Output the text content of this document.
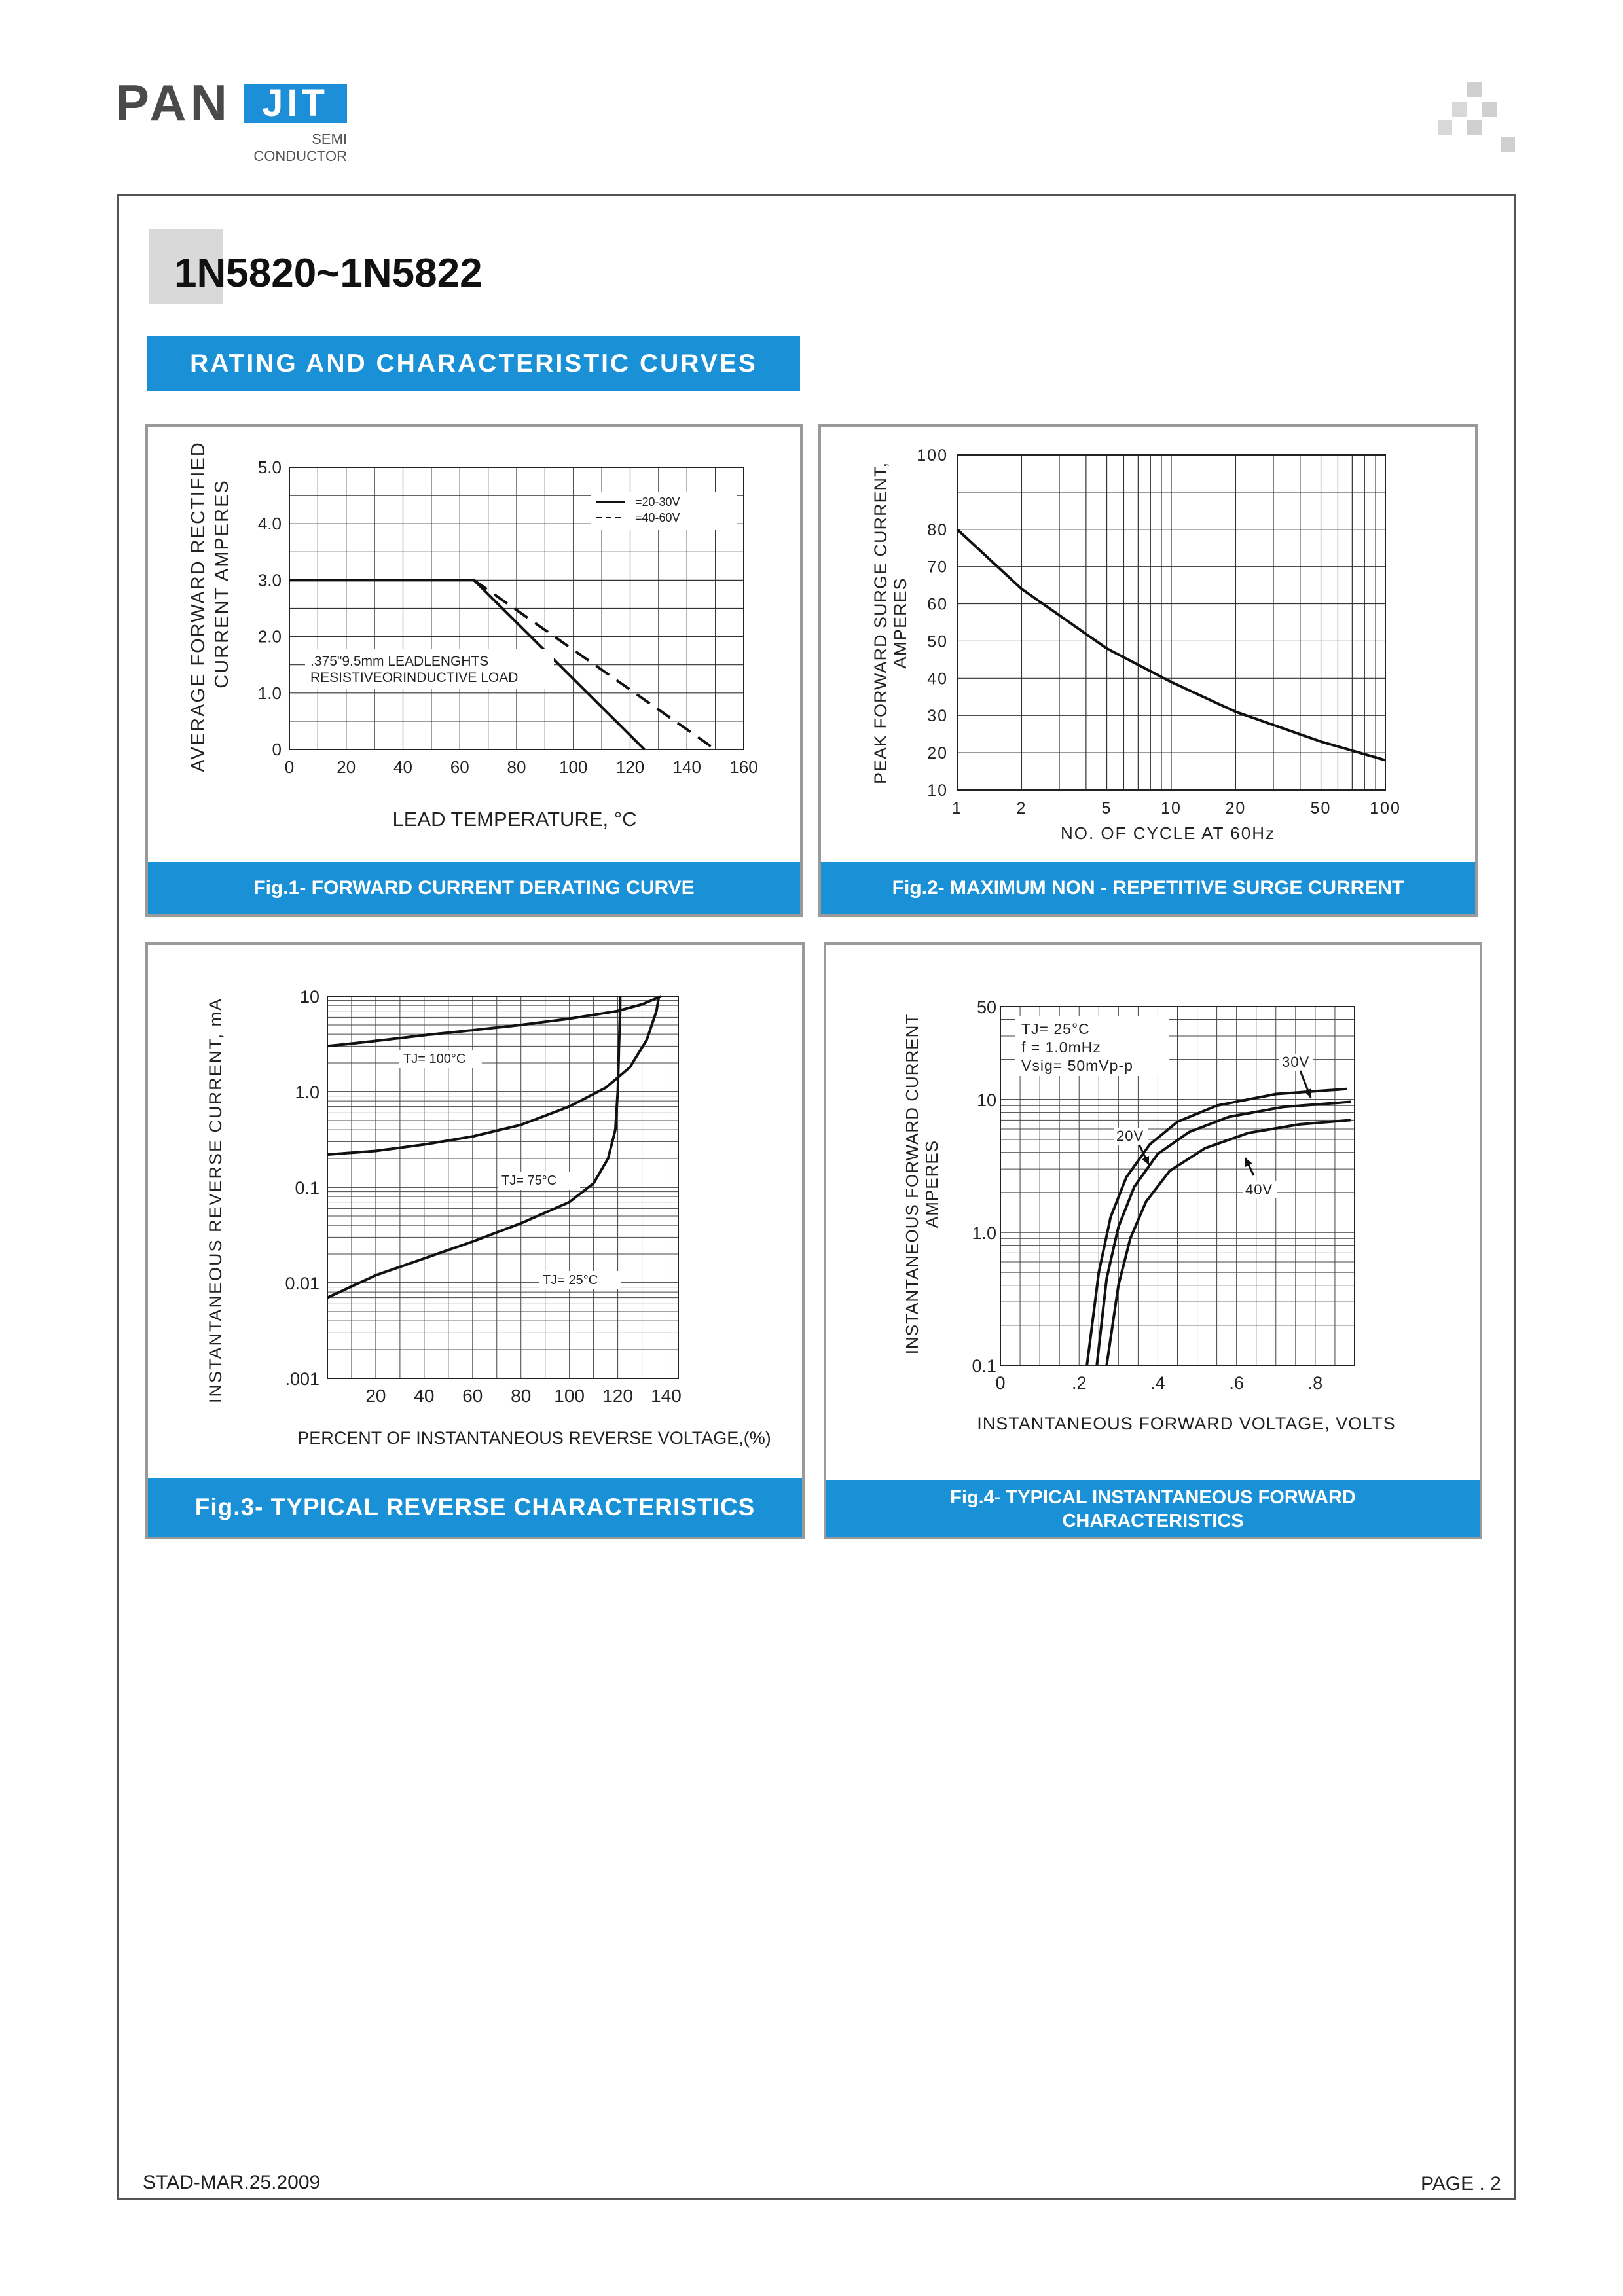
PAN JIT
SEMI
CONDUCTOR
1N5820~1N5822
RATING AND CHARACTERISTIC CURVES
0	20 40 60 80 100 120 140 160
0
1.0
2.0
3.0
4.0
5.0
=20-30V
=40-60V
.375"9.5mm LEADLENGHTS
RESISTIVEORINDUCTIVE LOAD
LEAD TEMPERATURE, °C
AVERAGE FORWARD RECTIFIED CURRENT AMPERES
Fig.1- FORWARD CURRENT DERATING CURVE
1	2	5	10	20	50 100
10
20
30
40
50
60
70
80
100
NO. OF CYCLE AT 60Hz
PEAK FORWARD SURGE CURRENT, AMPERES
Fig.2- MAXIMUM NON - REPETITIVE SURGE CURRENT
20 40 60 80 100 120 140
.001
0.01
0.1
1.0
10
TJ= 100°C
TJ= 75°C
TJ= 25°C
PERCENT OF INSTANTANEOUS REVERSE VOLTAGE,(%)
INSTANTANEOUS REVERSE CURRENT, mA
Fig.3- TYPICAL REVERSE CHARACTERISTICS
0	.2	.4	.6	.8
0.1
1.0
10
50
TJ= 25°C
f = 1.0mHz
Vsig= 50mVp-p	30V
20V
40V
INSTANTANEOUS FORWARD VOLTAGE, VOLTS
INSTANTANEOUS FORWARD CURRENT AMPERES
Fig.4- TYPICAL INSTANTANEOUS FORWARD
CHARACTERISTICS
STAD-MAR.25.2009	PAGE . 2
